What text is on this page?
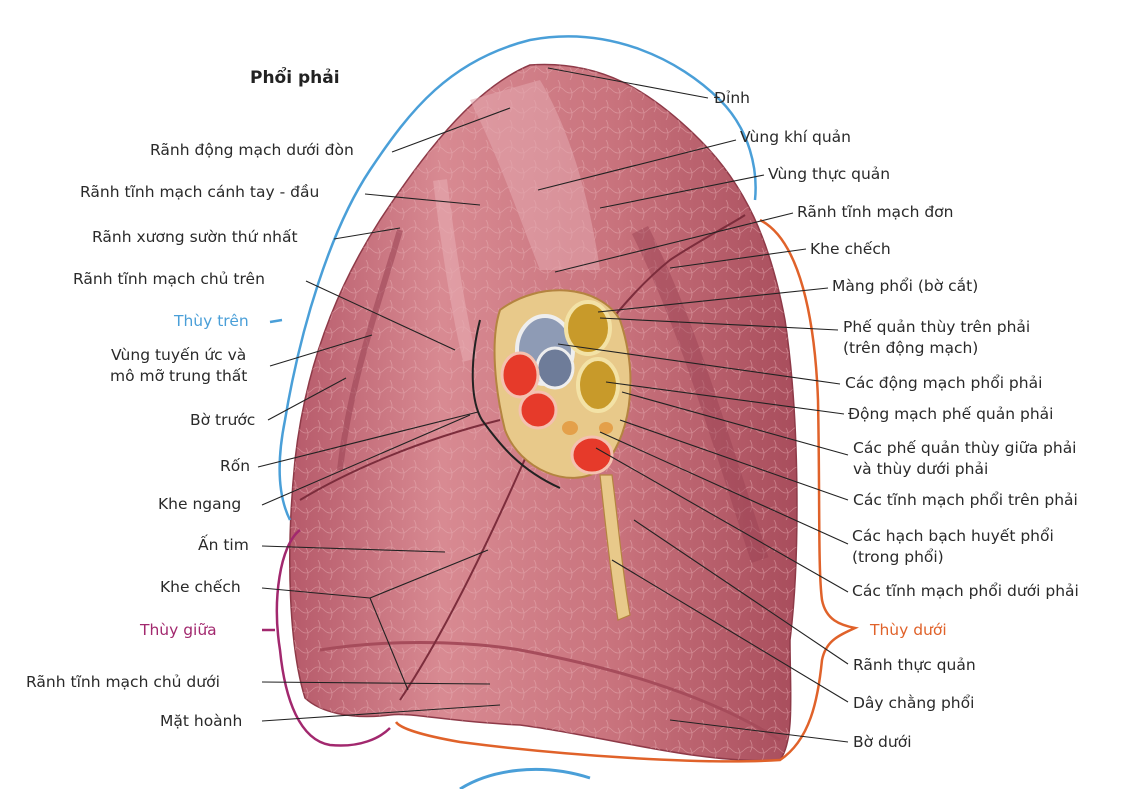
Phổi phải
Thùy trên
Thùy giữa	Thùy dưới
Rãnh động mạch dưới đòn
Rãnh tĩnh mạch cánh tay - đầu
Rãnh xương sườn thứ nhất
Rãnh tĩnh mạch chủ trên
Vùng tuyến ức và
mô mỡ trung thất
Bờ trước
Rốn
Khe ngang
Ấn tim
Khe chếch
Rãnh tĩnh mạch chủ dưới
Mặt hoành
Đỉnh
Vùng khí quản
Vùng thực quản
Rãnh tĩnh mạch đơn
Khe chếch
Màng phổi (bờ cắt)
Phế quản thùy trên phải
(trên động mạch)
Các động mạch phổi phải
Động mạch phế quản phải
Các phế quản thùy giữa phải
và thùy dưới phải
Các tĩnh mạch phổi trên phải
Các hạch bạch huyết phổi
(trong phổi)
Các tĩnh mạch phổi dưới phải
Rãnh thực quản
Dây chằng phổi
Bờ dưới
